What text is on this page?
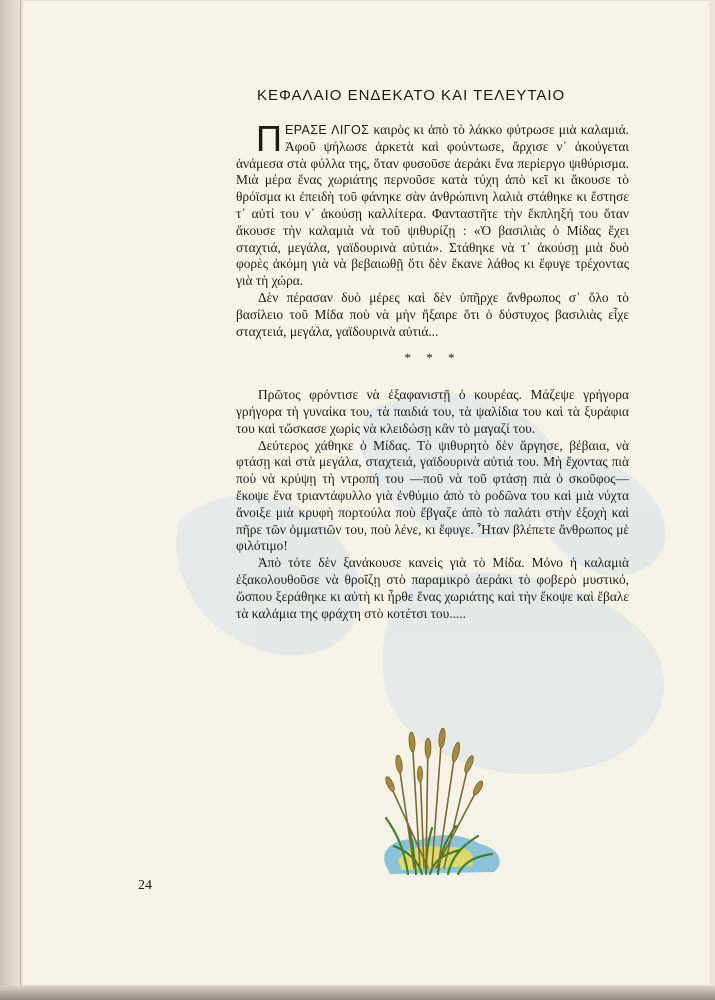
ΚΕΦΑΛΑΙΟ ΕΝΔΕΚΑΤΟ ΚΑΙ ΤΕΛΕΥΤΑΙΟ

ΠΕΡΑΣΕ ΛΙΓΟΣ καιρὸς κι ἀπὸ τὸ λάκκο φύτρωσε μιὰ καλαμιά. Ἀφοῦ ψήλωσε ἀρκετὰ καὶ φούντωσε, ἄρχισε ν᾽ ἀκούγεται ἀνάμεσα στὰ φύλλα της, ὅταν φυσοῦσε ἀεράκι ἕνα περίεργο ψιθύρισμα. Μιὰ μέρα ἕνας χωριάτης περνοῦσε κατὰ τύχη ἀπὸ κεῖ κι ἄκουσε τὸ θρόϊσμα κι ἐπειδὴ τοῦ φάνηκε σὰν ἀνθρώπινη λαλιὰ στάθηκε κι ἔστησε τ᾽ αὐτί του ν᾽ ἀκούσῃ καλλίτερα. Φανταστῆτε τὴν ἔκπληξή του ὅταν ἄκουσε τὴν καλαμιὰ νὰ τοῦ ψιθυρίζῃ : «Ὁ βασιλιὰς ὁ Μίδας ἔχει σταχτιά, μεγάλα, γαϊδουρινὰ αὐτιά». Στάθηκε νὰ τ᾽ ἀκούσῃ μιὰ δυὸ φορὲς ἀκόμη γιὰ νὰ βεβαιωθῇ ὅτι δὲν ἔκανε λάθος κι ἔφυγε τρέχοντας γιὰ τὴ χώρα.

Δὲν πέρασαν δυὸ μέρες καὶ δὲν ὑπῆρχε ἄνθρωπος σ᾽ ὅλο τὸ βασίλειο τοῦ Μίδα ποὺ νὰ μὴν ἤξαιρε ὅτι ὁ δύστυχος βασιλιὰς εἶχε σταχτειά, μεγάλα, γαϊδουρινὰ αὐτιά...

* * *

Πρῶτος φρόντισε νὰ ἐξαφανιστῇ ὁ κουρέας. Μάζεψε γρήγορα γρήγορα τὴ γυναίκα του, τὰ παιδιά του, τὰ ψαλίδια του καὶ τὰ ξυράφια του καὶ τὤσκασε χωρὶς νὰ κλειδώσῃ κἂν τὸ μαγαζί του.

Δεύτερος χάθηκε ὁ Μίδας. Τὸ ψιθυρητὸ δὲν ἄργησε, βέβαια, νὰ φτάσῃ καὶ στὰ μεγάλα, σταχτειά, γαϊδουρινὰ αὐτιά του. Μὴ ἔχοντας πιὰ ποὺ νὰ κρύψῃ τὴ ντροπή του —ποῦ νὰ τοῦ φτάσῃ πιὰ ὁ σκοῦφος— ἔκοψε ἕνα τριαντάφυλλο γιὰ ἐνθύμιο ἀπὸ τὸ ροδῶνα του καὶ μιὰ νύχτα ἄνοιξε μιὰ κρυφὴ πορτούλα ποὺ ἔβγαζε ἀπὸ τὸ παλάτι στὴν ἐξοχὴ καὶ πῆρε τῶν ὀμματιῶν του, ποὺ λένε, κι ἔφυγε. Ἦταν βλέπετε ἄνθρωπος μὲ φιλότιμο!

Ἀπὸ τότε δὲν ξανάκουσε κανεὶς γιὰ τὸ Μίδα. Μόνο ἡ καλαμιὰ ἐξακολουθοῦσε νὰ θροΐζῃ στὸ παραμικρὸ ἀεράκι τὸ φοβερὸ μυστικό, ὥσπου ξεράθηκε κι αὐτὴ κι ἦρθε ἕνας χωριάτης καὶ τὴν ἔκοψε καὶ ἔβαλε τὰ καλάμια της φράχτη στὸ κοτέτσι του.....

24
